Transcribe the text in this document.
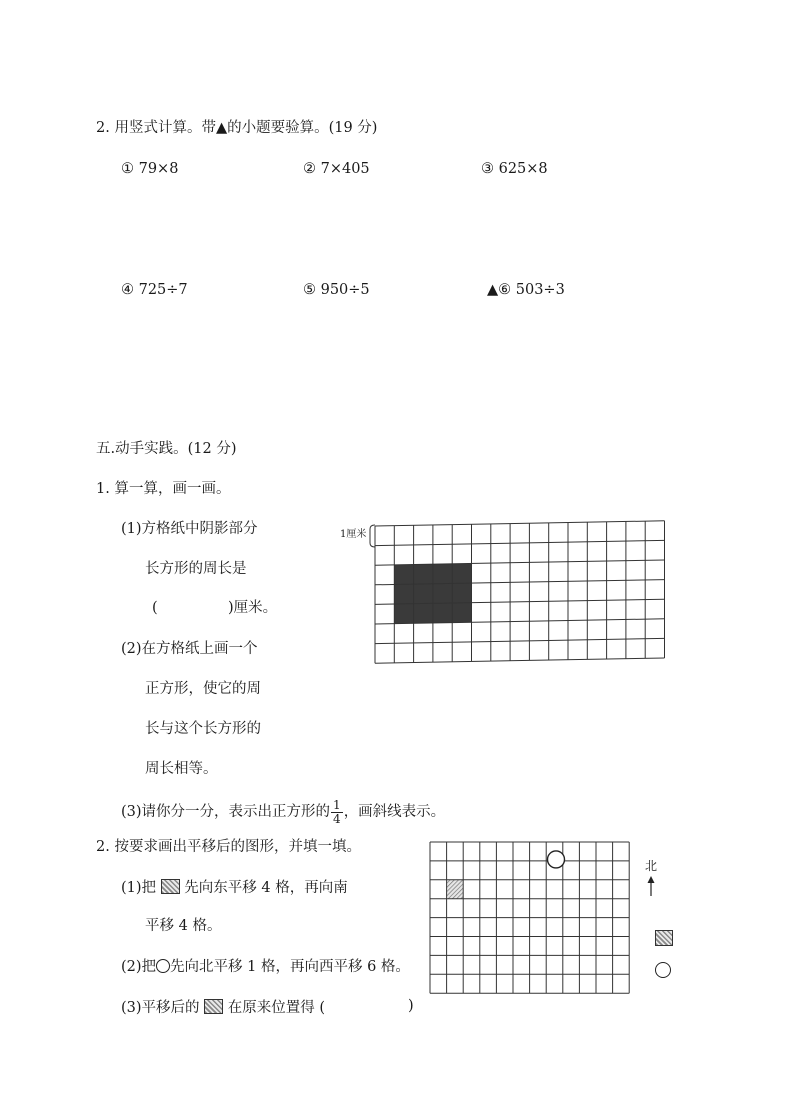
2. 用竖式计算。带▲的小题要验算。(19 分)
① 79×8	② 7×405	③ 625×8
④ 725÷7	⑤ 950÷5	▲⑥ 503÷3
五.动手实践。(12 分)
1. 算一算，画一画。
(1)方格纸中阴影部分
长方形的周长是
(	)厘米。
(2)在方格纸上画一个
正方形，使它的周
长与这个长方形的
周长相等。
(3)请你分一分，表示出正方形的 $\frac{1}{4}$ ，画斜线表示。
1厘米
2. 按要求画出平移后的图形，并填一填。
(1)把 先向东平移 4 格，再向南
平移 4 格。
(2)把 先向北平移 1 格，再向西平移 6 格。
(3)平移后的 在原来位置得 (	)
北
